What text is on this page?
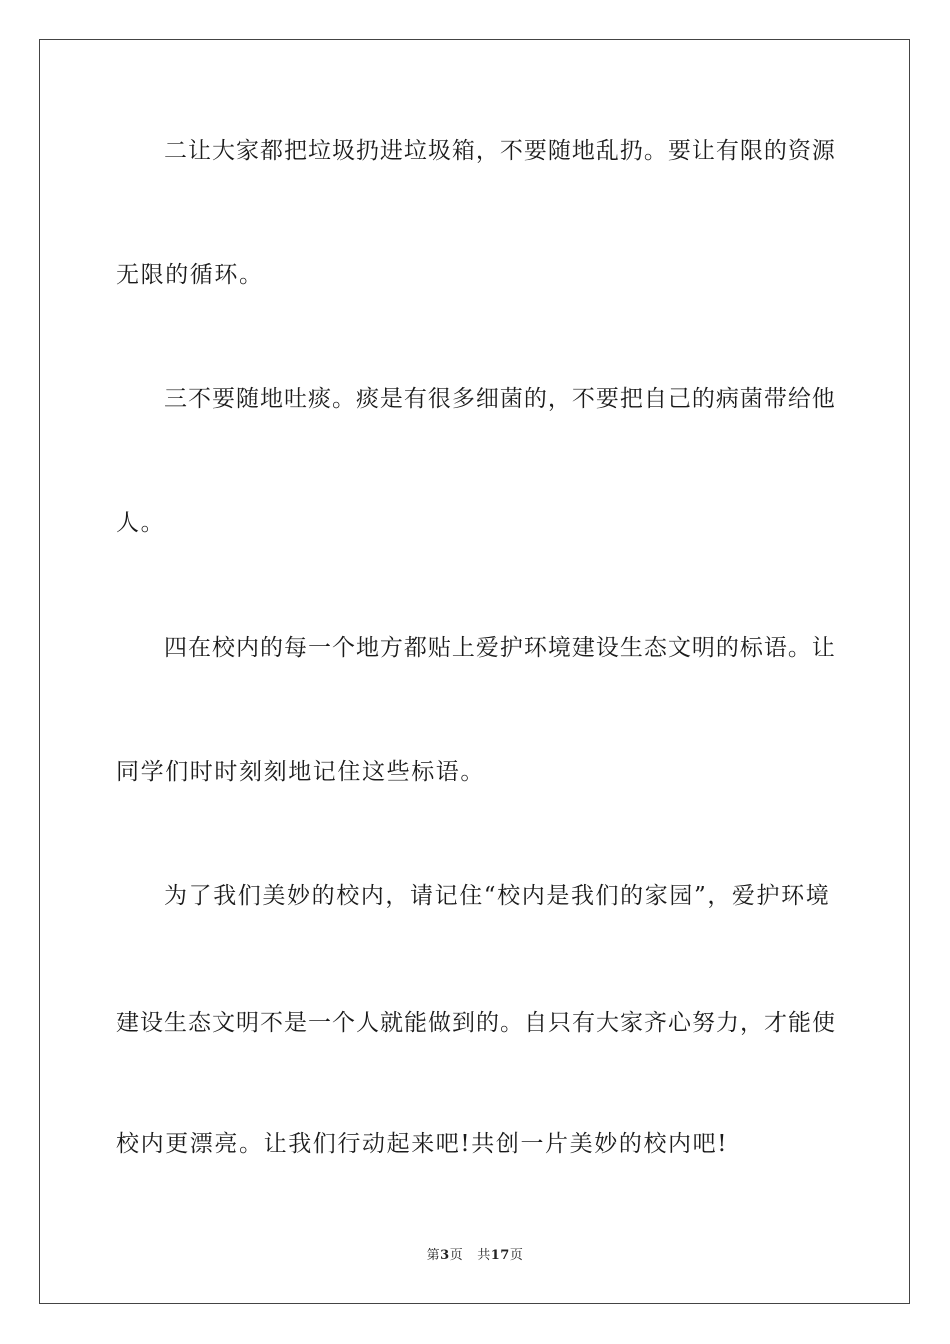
二让大家都把垃圾扔进垃圾箱，不要随地乱扔。要让有限的资源
无限的循环。
三不要随地吐痰。痰是有很多细菌的，不要把自己的病菌带给他
人。
四在校内的每一个地方都贴上爱护环境建设生态文明的标语。让
同学们时时刻刻地记住这些标语。
为了我们美妙的校内，请记住“校内是我们的家园”，爱护环境
建设生态文明不是一个人就能做到的。自只有大家齐心努力，才能使
校内更漂亮。让我们行动起来吧!共创一片美妙的校内吧!
第3页 共17页
